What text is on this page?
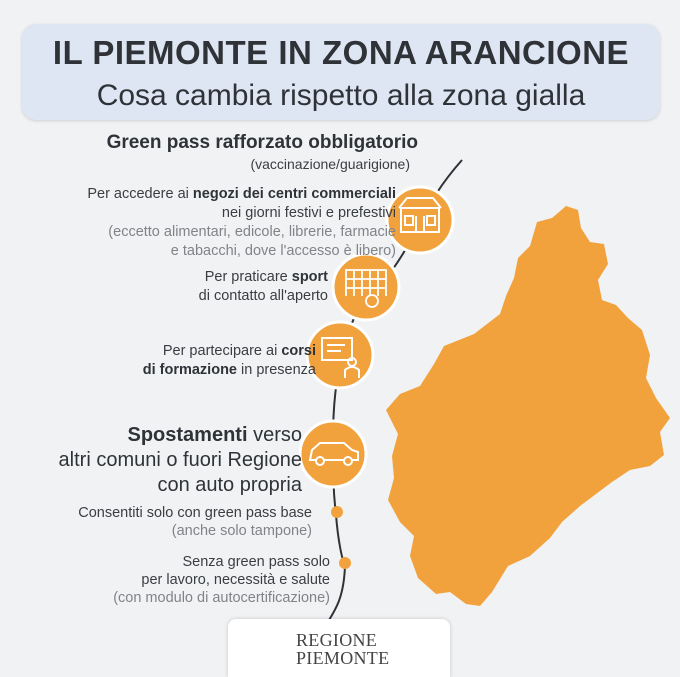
IL PIEMONTE IN ZONA ARANCIONE
Cosa cambia rispetto alla zona gialla
Green pass rafforzato obbligatorio
(vaccinazione/guarigione)
Per accedere ai negozi dei centri commerciali
nei giorni festivi e prefestivi
(eccetto alimentari, edicole, librerie, farmacie
e tabacchi, dove l'accesso è libero)
Per praticare sport
di contatto all'aperto
Per partecipare ai corsi
di formazione in presenza
Spostamenti verso
altri comuni o fuori Regione
con auto propria
Consentiti solo con green pass base
(anche solo tampone)
Senza green pass solo
per lavoro, necessità e salute
(con modulo di autocertificazione)
REGIONE
PIEMONTE
